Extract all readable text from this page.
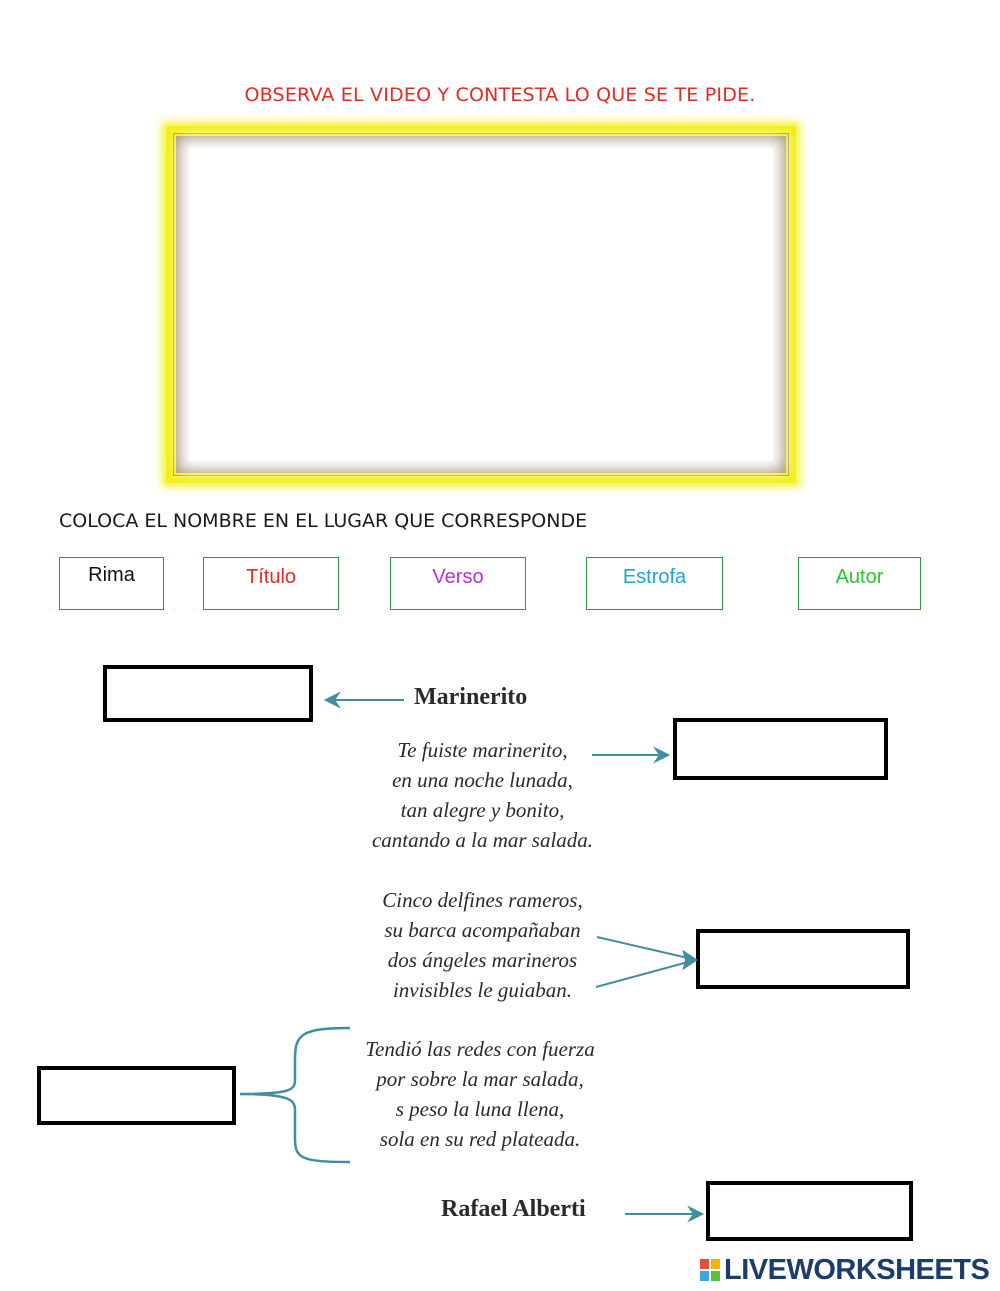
OBSERVA EL VIDEO Y CONTESTA LO QUE SE TE PIDE.
COLOCA EL NOMBRE EN EL LUGAR QUE CORRESPONDE
Rima	Título	Verso	Estrofa	Autor
Marinerito
Te fuiste marinerito,
en una noche lunada,
tan alegre y bonito,
cantando a la mar salada.
Cinco delfines rameros,
su barca acompañaban
dos ángeles marineros
invisibles le guiaban.
Tendió las redes con fuerza
por sobre la mar salada,
s peso la luna llena,
sola en su red plateada.
Rafael Alberti
LIVEWORKSHEETS
